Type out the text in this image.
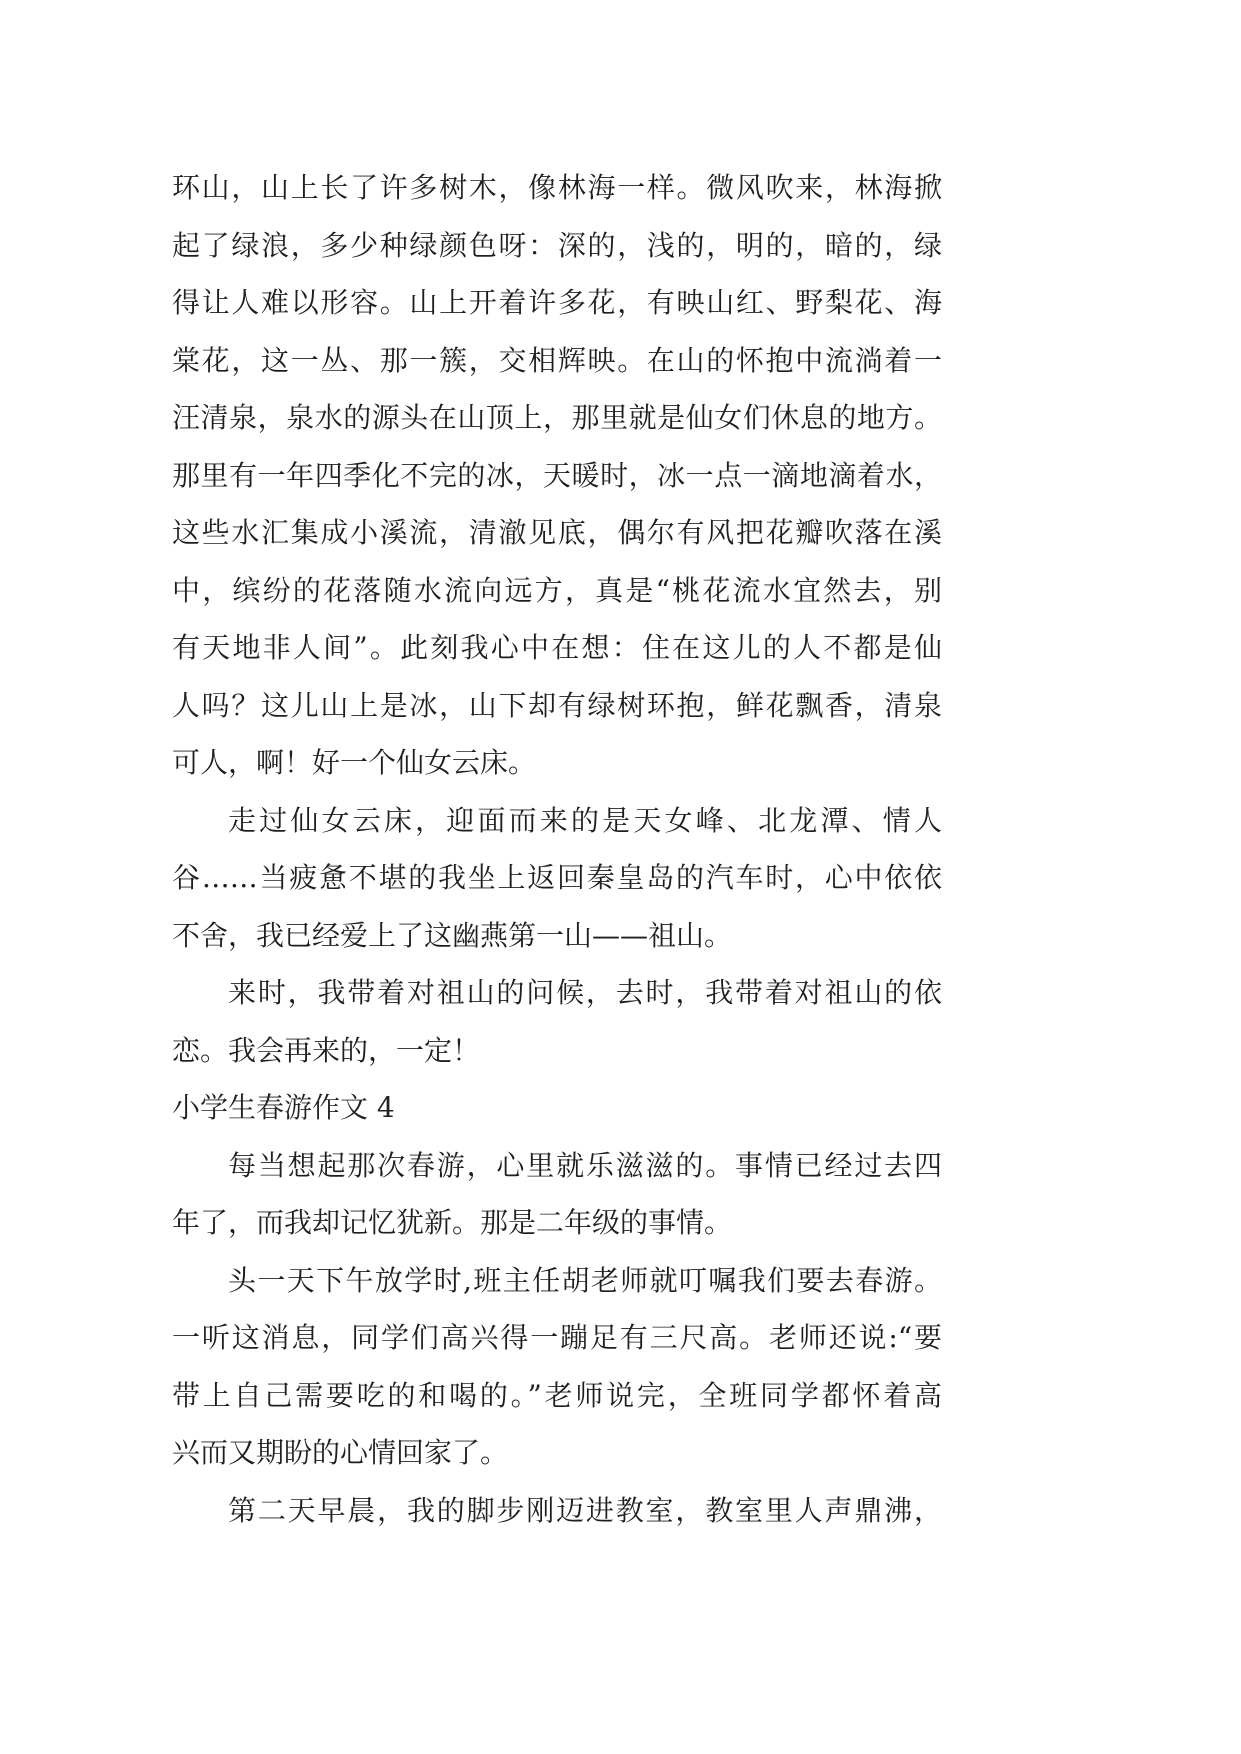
环山，山上长了许多树木，像林海一样。微风吹来，林海掀
起了绿浪，多少种绿颜色呀：深的，浅的，明的，暗的，绿
得让人难以形容。山上开着许多花，有映山红、野梨花、海
棠花，这一丛、那一簇，交相辉映。在山的怀抱中流淌着一
汪清泉，泉水的源头在山顶上，那里就是仙女们休息的地方。
那里有一年四季化不完的冰，天暖时，冰一点一滴地滴着水，
这些水汇集成小溪流，清澈见底，偶尔有风把花瓣吹落在溪
中，缤纷的花落随水流向远方，真是“桃花流水宜然去，别
有天地非人间”。此刻我心中在想：住在这儿的人不都是仙
人吗？这儿山上是冰，山下却有绿树环抱，鲜花飘香，清泉
可人，啊！好一个仙女云床。
走过仙女云床，迎面而来的是天女峰、北龙潭、情人
谷……当疲惫不堪的我坐上返回秦皇岛的汽车时，心中依依
不舍，我已经爱上了这幽燕第一山——祖山。
来时，我带着对祖山的问候，去时，我带着对祖山的依
恋。我会再来的，一定！
小学生春游作文 4
每当想起那次春游，心里就乐滋滋的。事情已经过去四
年了，而我却记忆犹新。那是二年级的事情。
头一天下午放学时,班主任胡老师就叮嘱我们要去春游。
一听这消息，同学们高兴得一蹦足有三尺高。老师还说:“要
带上自己需要吃的和喝的。”老师说完，全班同学都怀着高
兴而又期盼的心情回家了。
第二天早晨，我的脚步刚迈进教室，教室里人声鼎沸，
